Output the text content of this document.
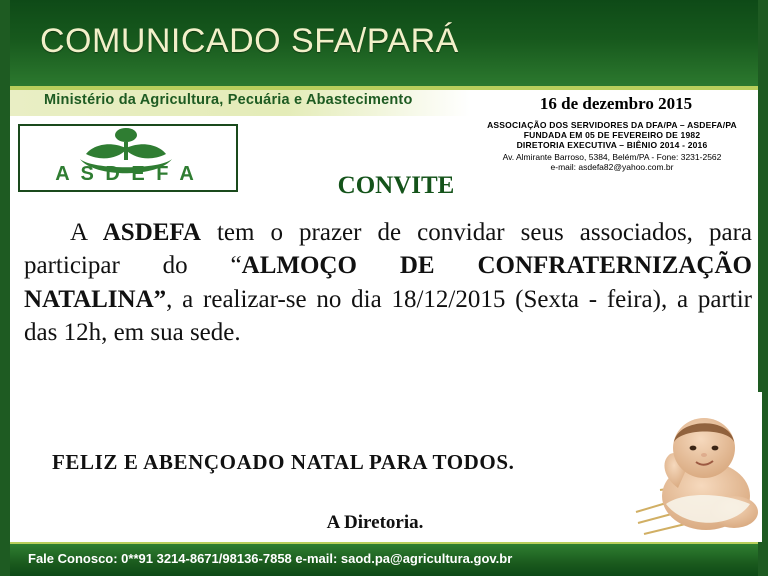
COMUNICADO SFA/PARÁ
Ministério da Agricultura, Pecuária e Abastecimento
A S D E F A
16 de dezembro 2015
ASSOCIAÇÃO DOS SERVIDORES DA DFA/PA – ASDEFA/PA
FUNDADA EM 05 DE FEVEREIRO DE 1982
DIRETORIA EXECUTIVA – BIÊNIO 2014 - 2016
Av. Almirante Barroso, 5384, Belém/PA - Fone: 3231-2562
e-mail: asdefa82@yahoo.com.br
CONVITE
A ASDEFA tem o prazer de convidar seus associados, para participar do “ALMOÇO DE CONFRATERNIZAÇÃO NATALINA”, a realizar-se no dia 18/12/2015 (Sexta - feira), a partir das 12h, em sua sede.
FELIZ E ABENÇOADO NATAL PARA TODOS.
A Diretoria.
Fale Conosco: 0**91 3214-8671/98136-7858 e-mail: saod.pa@agricultura.gov.br
